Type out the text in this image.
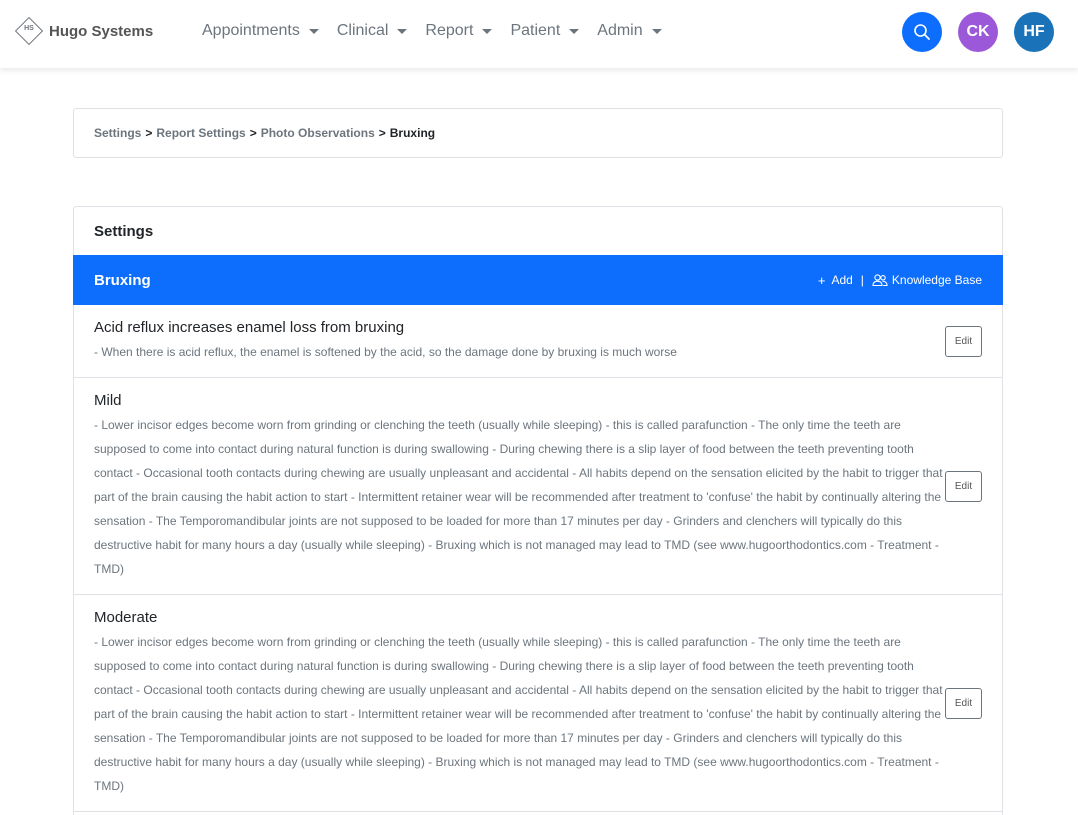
HS	Hugo Systems	Appointments Clinical Report Patient Admin	CK	HF
Settings > Report Settings > Photo Observations > Bruxing
Settings
Bruxing	+ Add | Knowledge Base
Acid reflux increases enamel loss from bruxing
- When there is acid reflux, the enamel is softened by the acid, so the damage done by bruxing is much worse
Edit
Mild
- Lower incisor edges become worn from grinding or clenching the teeth (usually while sleeping) - this is called parafunction - The only time the teeth are supposed to come into contact during natural function is during swallowing - During chewing there is a slip layer of food between the teeth preventing tooth contact - Occasional tooth contacts during chewing are usually unpleasant and accidental - All habits depend on the sensation elicited by the habit to trigger that part of the brain causing the habit action to start - Intermittent retainer wear will be recommended after treatment to 'confuse' the habit by continually altering the sensation - The Temporomandibular joints are not supposed to be loaded for more than 17 minutes per day - Grinders and clenchers will typically do this destructive habit for many hours a day (usually while sleeping) - Bruxing which is not managed may lead to TMD (see www.hugoorthodontics.com - Treatment - TMD)
Edit
Moderate
- Lower incisor edges become worn from grinding or clenching the teeth (usually while sleeping) - this is called parafunction - The only time the teeth are supposed to come into contact during natural function is during swallowing - During chewing there is a slip layer of food between the teeth preventing tooth contact - Occasional tooth contacts during chewing are usually unpleasant and accidental - All habits depend on the sensation elicited by the habit to trigger that part of the brain causing the habit action to start - Intermittent retainer wear will be recommended after treatment to 'confuse' the habit by continually altering the sensation - The Temporomandibular joints are not supposed to be loaded for more than 17 minutes per day - Grinders and clenchers will typically do this destructive habit for many hours a day (usually while sleeping) - Bruxing which is not managed may lead to TMD (see www.hugoorthodontics.com - Treatment - TMD)
Edit
